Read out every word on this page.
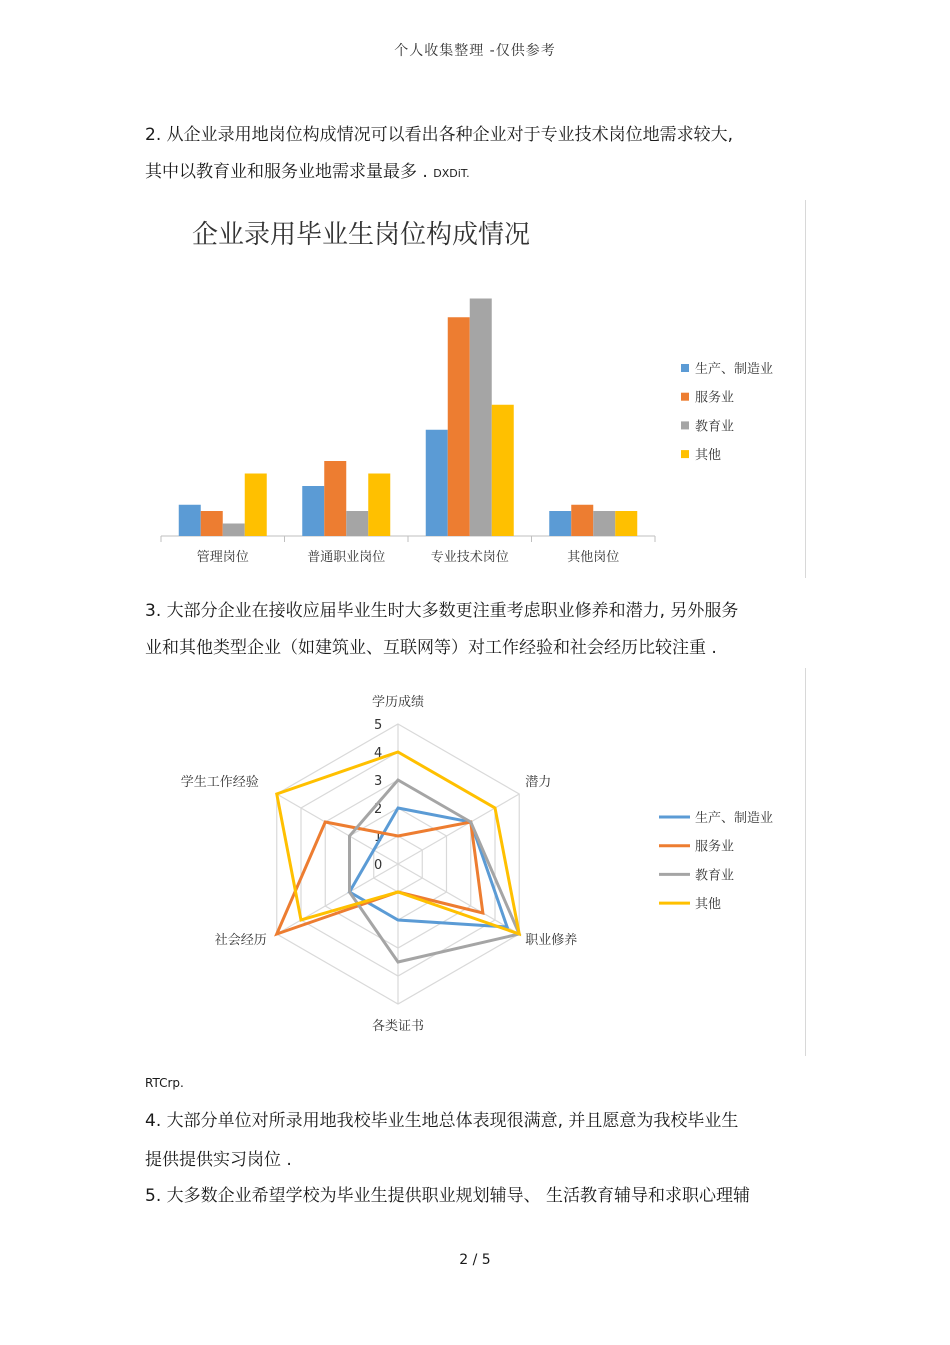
个人收集整理 -仅供参考
2. 从企业录用地岗位构成情况可以看出各种企业对于专业技术岗位地需求较大,
其中以教育业和服务业地需求量最多 . DXDiT.
企业录用毕业生岗位构成情况
管理岗位	普通职业岗位	专业技术岗位	其他岗位
生产、制造业
服务业
教育业
其他
3. 大部分企业在接收应届毕业生时大多数更注重考虑职业修养和潜力, 另外服务
业和其他类型企业（如建筑业、互联网等）对工作经验和社会经历比较注重 .
0
1
2
3
4
5
学历成绩
潜力
职业修养
各类证书
社会经历
学生工作经验
生产、制造业
服务业
教育业
其他
RTCrp.
4. 大部分单位对所录用地我校毕业生地总体表现很满意, 并且愿意为我校毕业生
提供提供实习岗位 .
5. 大多数企业希望学校为毕业生提供职业规划辅导、 生活教育辅导和求职心理辅
2 / 5
